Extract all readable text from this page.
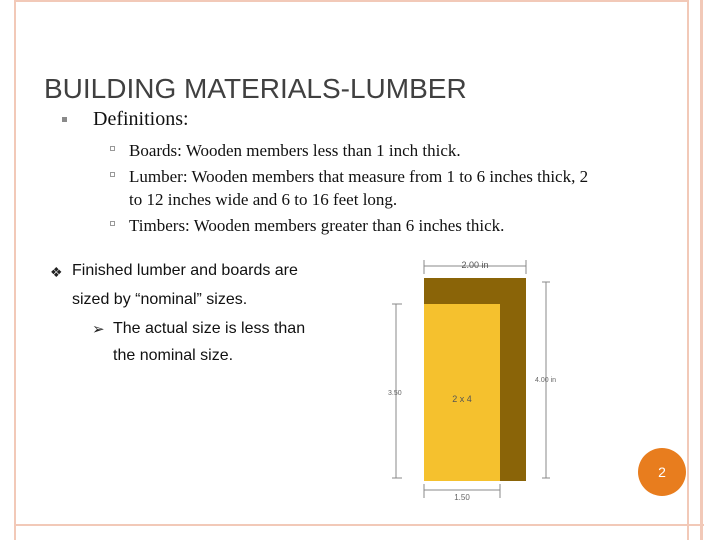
BUILDING MATERIALS-LUMBER
Definitions:
Boards: Wooden members less than 1 inch thick.
Lumber: Wooden members that measure from 1 to 6 inches thick, 2
to 12 inches wide and 6 to 16 feet long.
Timbers: Wooden members greater than 6 inches thick.
❖ Finished lumber and boards are
sized by “nominal” sizes.
➢ The actual size is less than
the nominal size.
2.00 in
2 x 4
3.50
4.00 in
1.50
2
